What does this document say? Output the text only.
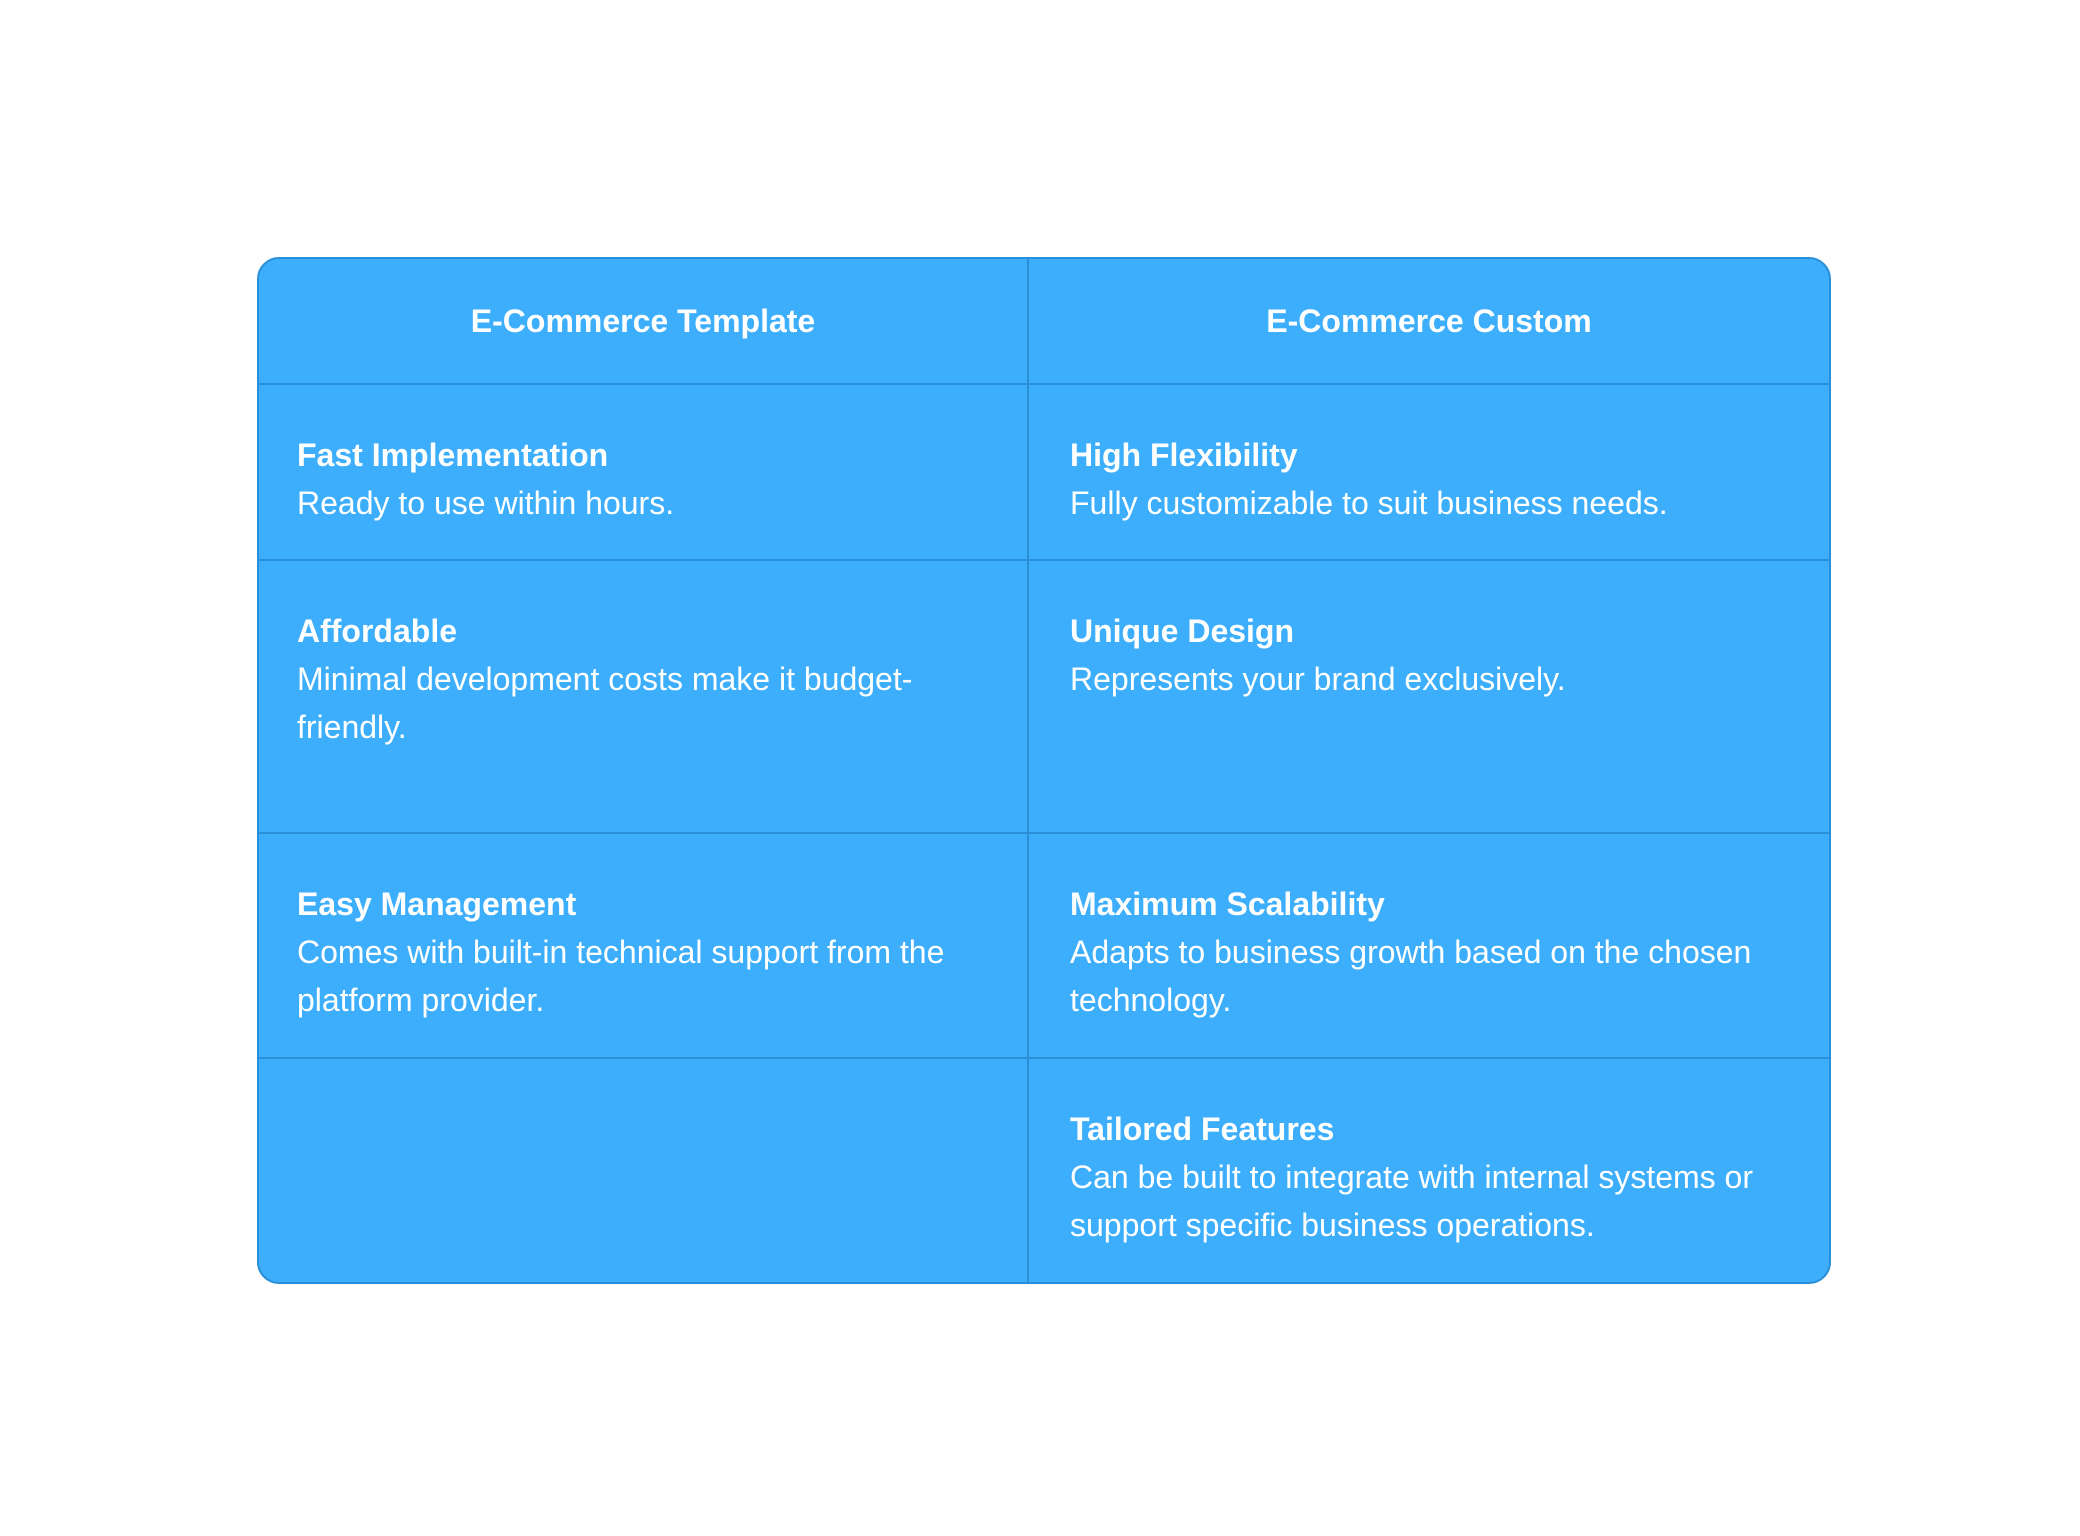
E-Commerce Template	E-Commerce Custom
Fast Implementation
Ready to use within hours.
High Flexibility
Fully customizable to suit business needs.
Affordable
Minimal development costs make it budget-friendly.
Unique Design
Represents your brand exclusively.
Easy Management
Comes with built-in technical support from the platform provider.
Maximum Scalability
Adapts to business growth based on the chosen technology.
Tailored Features
Can be built to integrate with internal systems or support specific business operations.
